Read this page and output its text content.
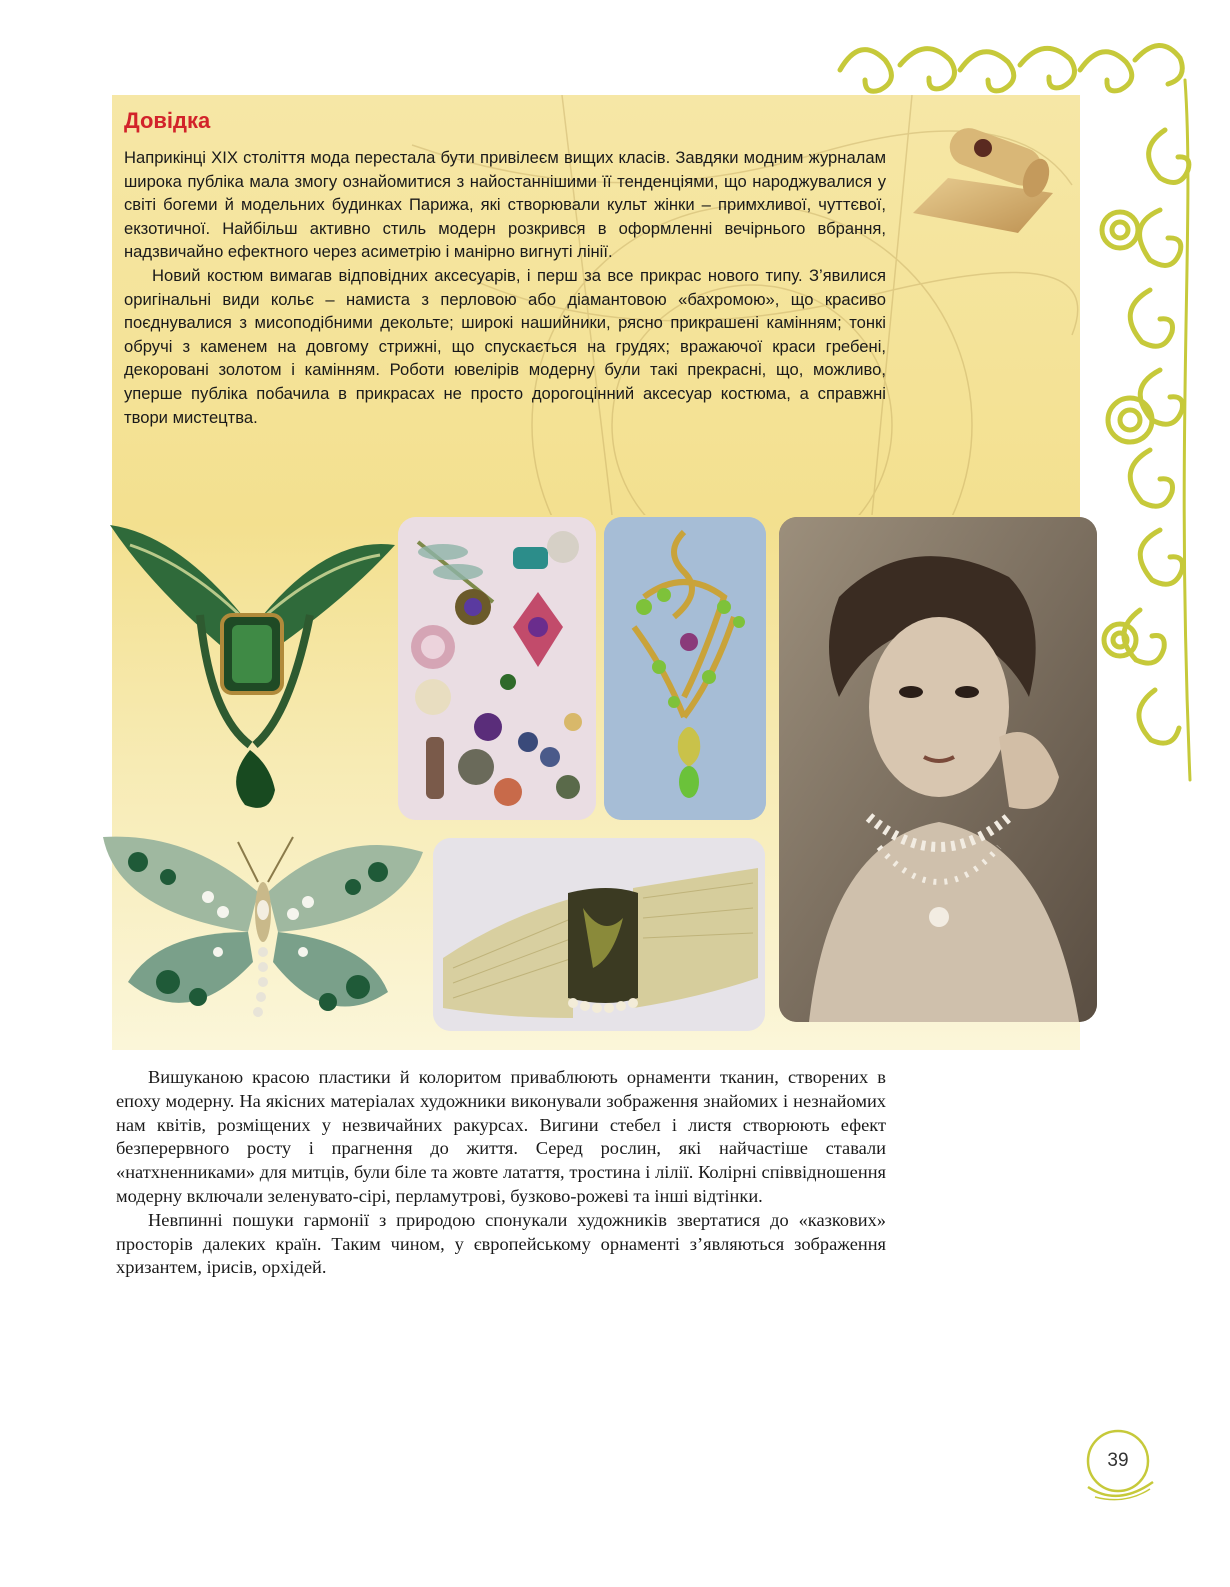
Довідка

Наприкінці XIX століття мода перестала бути привілеєм вищих класів. Завдяки модним журналам широка публіка мала змогу ознайомитися з найостаннішими її тенденціями, що народжувалися у світі богеми й модельних будинках Парижа, які створювали культ жінки – примхливої, чуттєвої, екзотичної. Найбільш активно стиль модерн розкрився в оформленні вечірнього вбрання, надзвичайно ефектного через асиметрію і манірно вигнуті лінії.

Новий костюм вимагав відповідних аксесуарів, і перш за все прикрас нового типу. З’явилися оригінальні види кольє – намиста з перловою або діамантовою «бахромою», що красиво поєднувалися з мисоподібними декольте; широкі нашийники, рясно прикрашені камінням; тонкі обручі з каменем на довгому стрижні, що спускається на грудях; вражаючої краси гребені, декоровані золотом і камінням. Роботи ювелірів модерну були такі прекрасні, що, можливо, уперше публіка побачила в прикрасах не просто дорогоцінний аксесуар костюма, а справжні твори мистецтва.

Вишуканою красою пластики й колоритом приваблюють орнаменти тканин, створених в епоху модерну. На якісних матеріалах художники виконували зображення знайомих і незнайомих нам квітів, розміщених у незвичайних ракурсах. Вигини стебел і листя створюють ефект безперервного росту і прагнення до життя. Серед рослин, які найчастіше ставали «натхненниками» для митців, були біле та жовте латаття, тростина і лілії. Колірні співвідношення модерну включали зеленувато-сірі, перламутрові, бузково-рожеві та інші відтінки.

Невпинні пошуки гармонії з природою спонукали художників звертатися до «казкових» просторів далеких країн. Таким чином, у європейському орнаменті з’являються зображення хризантем, ірисів, орхідей.

39
